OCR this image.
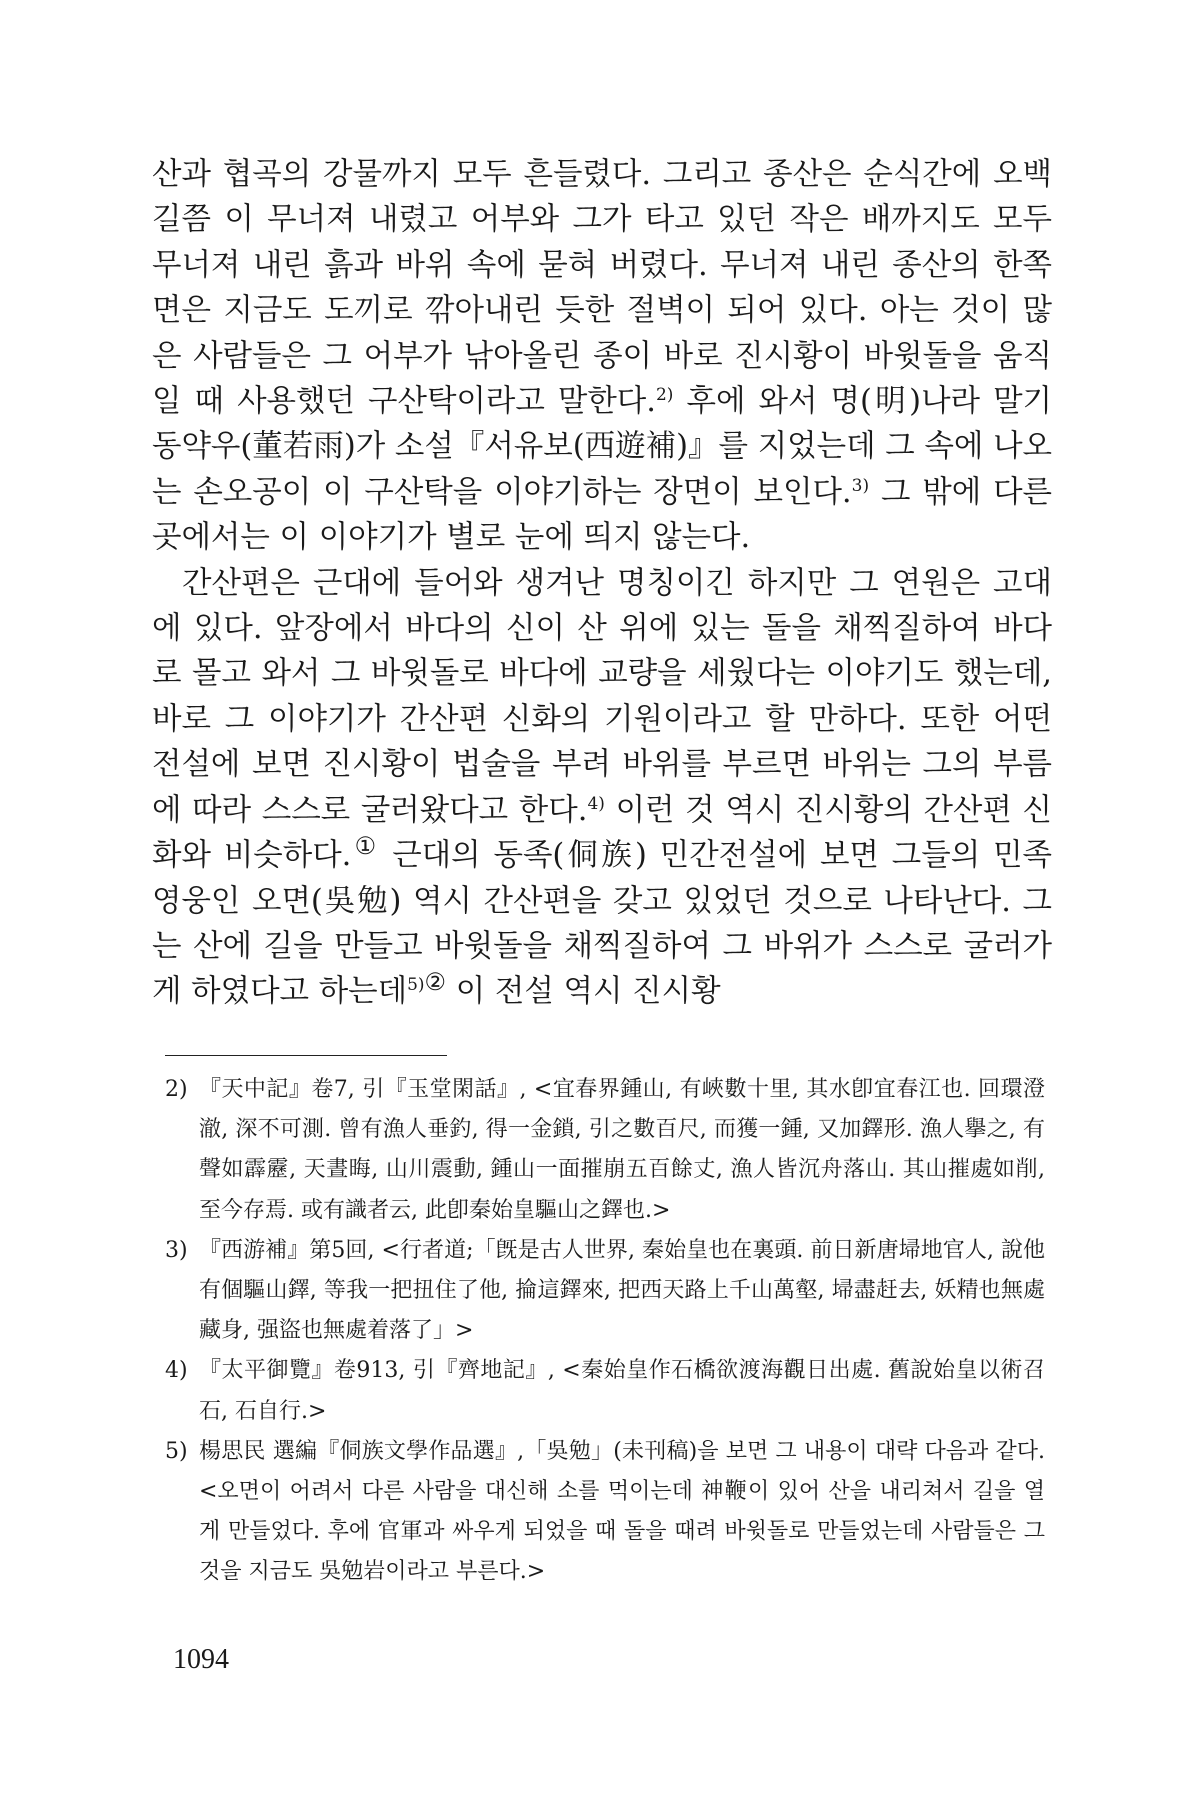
산과 협곡의 강물까지 모두 흔들렸다. 그리고 종산은 순식간에 오백 길쯤 이 무너져 내렸고 어부와 그가 타고 있던 작은 배까지도 모두 무너져 내린 흙과 바위 속에 묻혀 버렸다. 무너져 내린 종산의 한쪽 면은 지금도 도끼로 깎아내린 듯한 절벽이 되어 있다. 아는 것이 많은 사람들은 그 어부가 낚아올린 종이 바로 진시황이 바윗돌을 움직일 때 사용했던 구산탁이라고 말한다.$^{2)}$ 후에 와서 명(明)나라 말기 동약우(董若雨)가 소설『서유보(西遊補)』를 지었는데 그 속에 나오는 손오공이 이 구산탁을 이야기하는 장면이 보인다.$^{3)}$ 그 밖에 다른 곳에서는 이 이야기가 별로 눈에 띄지 않는다.

간산편은 근대에 들어와 생겨난 명칭이긴 하지만 그 연원은 고대에 있다. 앞장에서 바다의 신이 산 위에 있는 돌을 채찍질하여 바다로 몰고 와서 그 바윗돌로 바다에 교량을 세웠다는 이야기도 했는데, 바로 그 이야기가 간산편 신화의 기원이라고 할 만하다. 또한 어떤 전설에 보면 진시황이 법술을 부려 바위를 부르면 바위는 그의 부름에 따라 스스로 굴러왔다고 한다.$^{4)}$ 이런 것 역시 진시황의 간산편 신화와 비슷하다.① 근대의 동족(侗族) 민간전설에 보면 그들의 민족 영웅인 오면(吳勉) 역시 간산편을 갖고 있었던 것으로 나타난다. 그는 산에 길을 만들고 바윗돌을 채찍질하여 그 바위가 스스로 굴러가게 하였다고 하는데$^{5)②}$ 이 전설 역시 진시황

2) 『天中記』卷7, 引『玉堂閑話』, <宜春界鍾山, 有峽數十里, 其水卽宜春江也. 回環澄澈, 深不可測. 曾有漁人垂釣, 得一金鎖, 引之數百尺, 而獲一鍾, 又加鐸形. 漁人擧之, 有聲如霹靂, 天晝晦, 山川震動, 鍾山一面摧崩五百餘丈, 漁人皆沉舟落山. 其山摧處如削, 至今存焉. 或有識者云, 此卽秦始皇驅山之鐸也.>
3) 『西游補』第5回, <行者道;「旣是古人世界, 秦始皇也在裏頭. 前日新唐埽地官人, 說他有個驅山鐸, 等我一把扭住了他, 掄這鐸來, 把西天路上千山萬壑, 埽盡赶去, 妖精也無處藏身, 强盜也無處着落了」>
4) 『太平御覽』卷913, 引『齊地記』, <秦始皇作石橋欲渡海觀日出處. 舊說始皇以術召石, 石自行.>
5) 楊思民 選編『侗族文學作品選』,「吳勉」(未刊稿)을 보면 그 내용이 대략 다음과 같다. <오면이 어려서 다른 사람을 대신해 소를 먹이는데 神鞭이 있어 산을 내리쳐서 길을 열게 만들었다. 후에 官軍과 싸우게 되었을 때 돌을 때려 바윗돌로 만들었는데 사람들은 그것을 지금도 吳勉岩이라고 부른다.>
1094
